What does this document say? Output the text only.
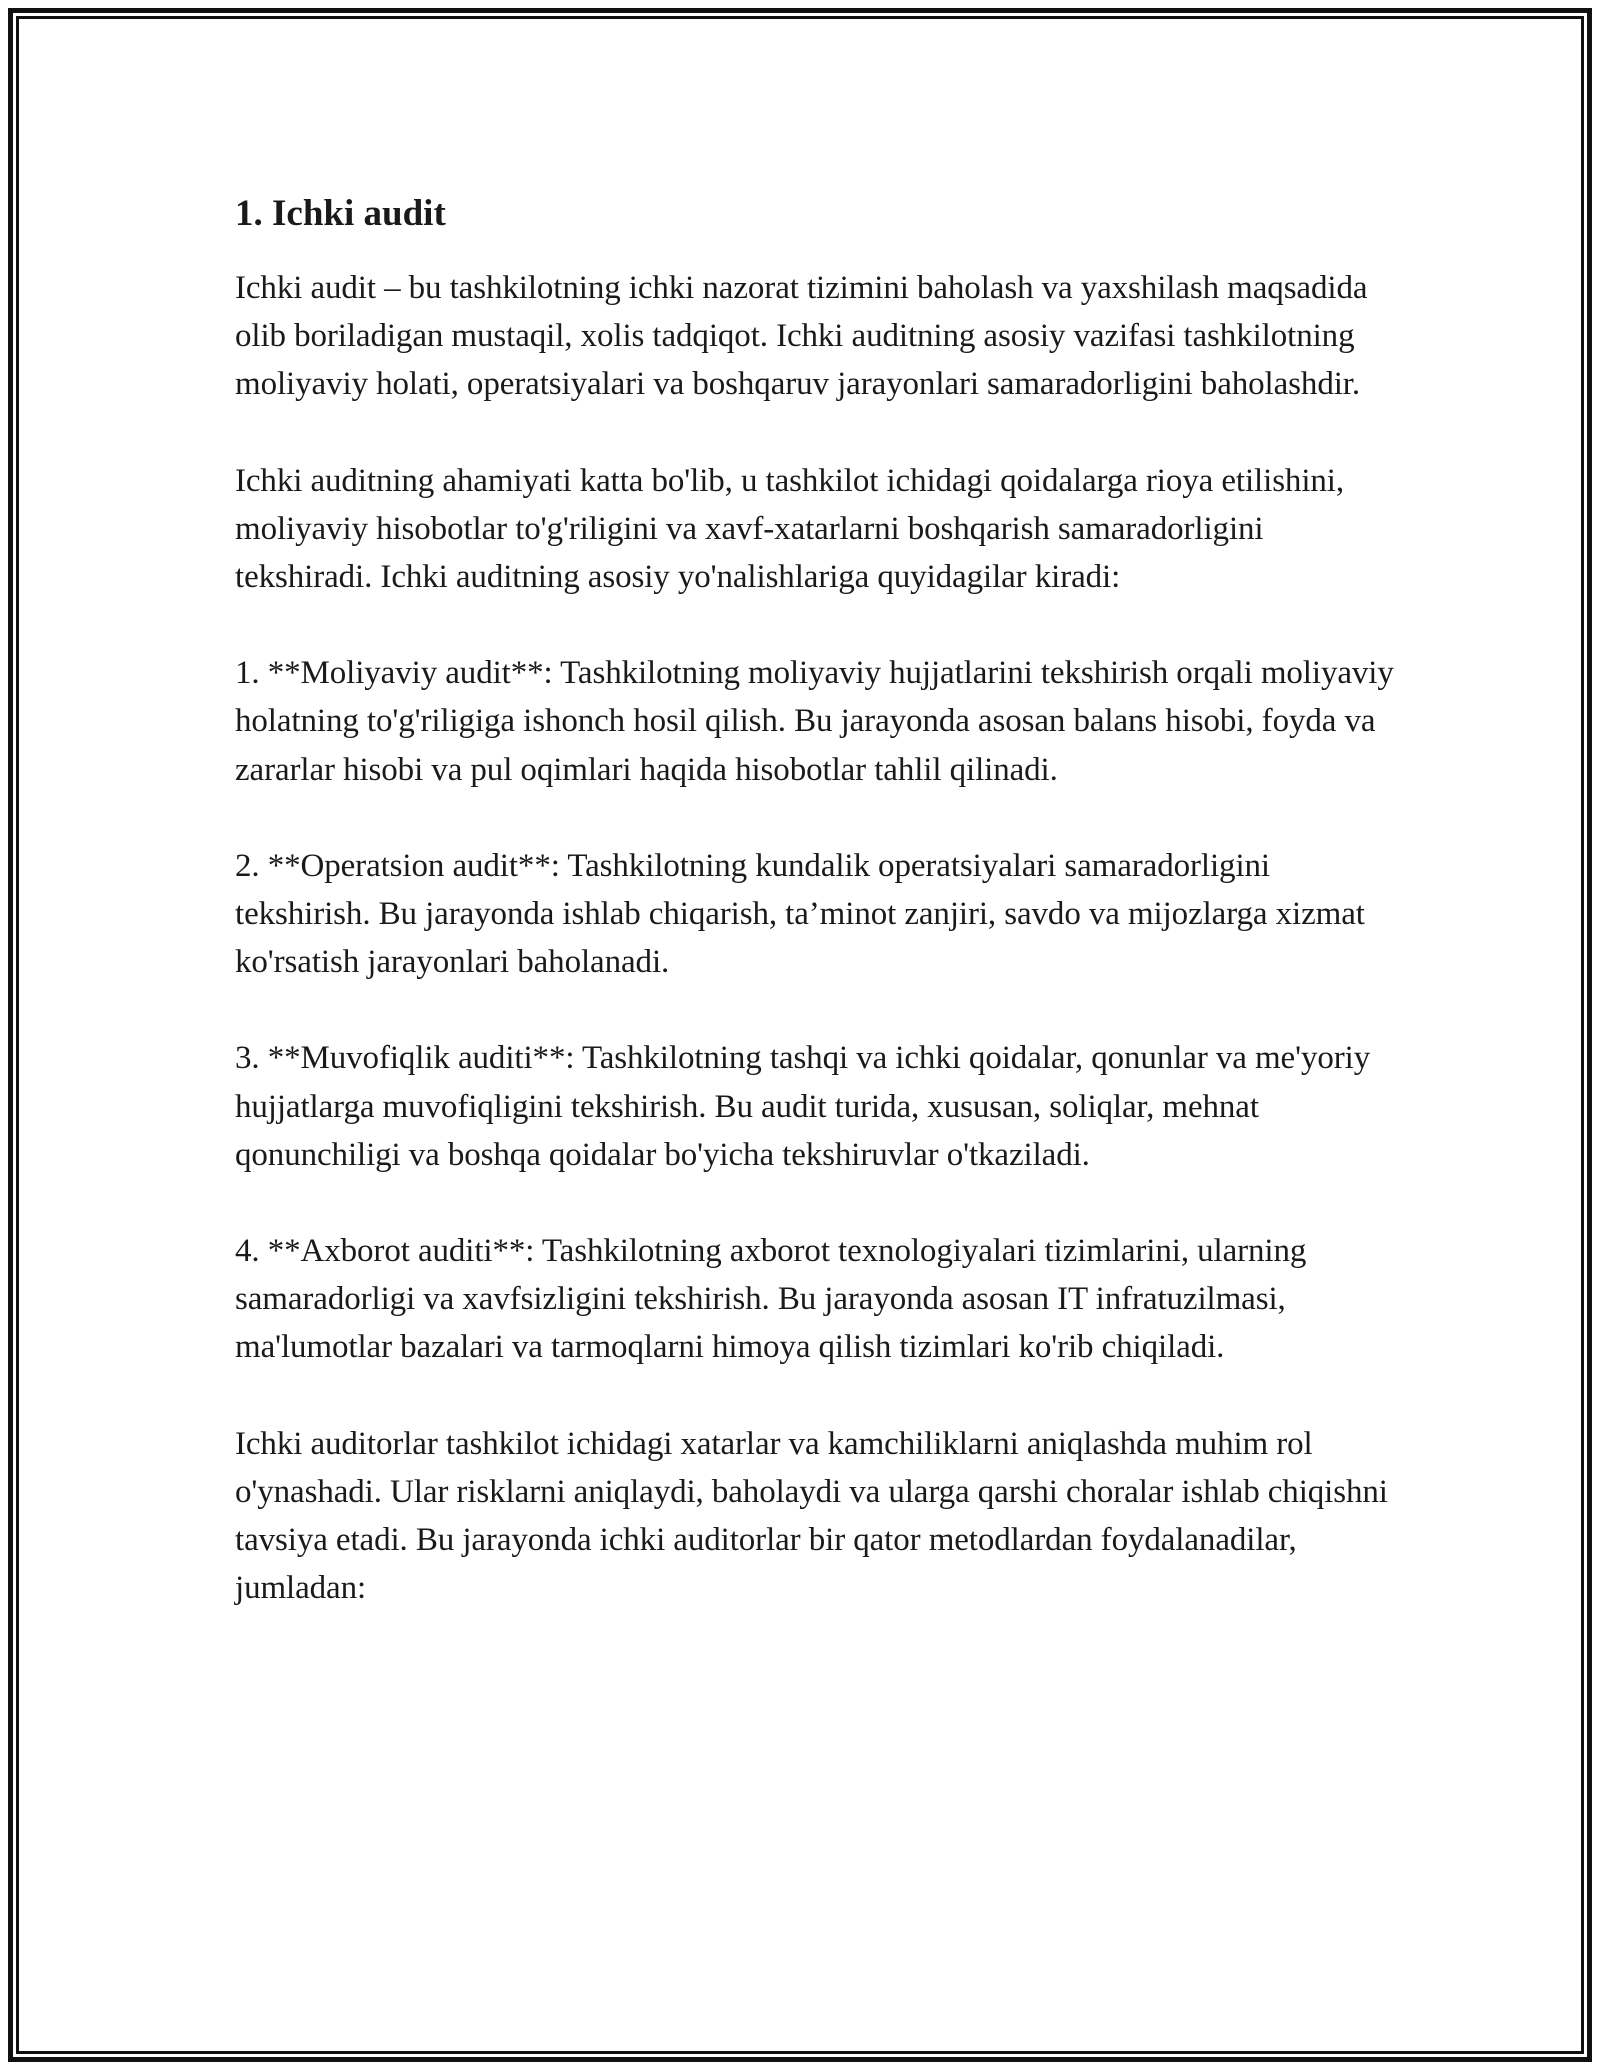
1. Ichki audit

Ichki audit – bu tashkilotning ichki nazorat tizimini baholash va yaxshilash maqsadida olib boriladigan mustaqil, xolis tadqiqot. Ichki auditning asosiy vazifasi tashkilotning moliyaviy holati, operatsiyalari va boshqaruv jarayonlari samaradorligini baholashdir.

Ichki auditning ahamiyati katta bo'lib, u tashkilot ichidagi qoidalarga rioya etilishini, moliyaviy hisobotlar to'g'riligini va xavf-xatarlarni boshqarish samaradorligini tekshiradi. Ichki auditning asosiy yo'nalishlariga quyidagilar kiradi:

1. **Moliyaviy audit**: Tashkilotning moliyaviy hujjatlarini tekshirish orqali moliyaviy holatning to'g'riligiga ishonch hosil qilish. Bu jarayonda asosan balans hisobi, foyda va zararlar hisobi va pul oqimlari haqida hisobotlar tahlil qilinadi.

2. **Operatsion audit**: Tashkilotning kundalik operatsiyalari samaradorligini tekshirish. Bu jarayonda ishlab chiqarish, ta’minot zanjiri, savdo va mijozlarga xizmat ko'rsatish jarayonlari baholanadi.

3. **Muvofiqlik auditi**: Tashkilotning tashqi va ichki qoidalar, qonunlar va me'yoriy hujjatlarga muvofiqligini tekshirish. Bu audit turida, xususan, soliqlar, mehnat qonunchiligi va boshqa qoidalar bo'yicha tekshiruvlar o'tkaziladi.

4. **Axborot auditi**: Tashkilotning axborot texnologiyalari tizimlarini, ularning samaradorligi va xavfsizligini tekshirish. Bu jarayonda asosan IT infratuzilmasi, ma'lumotlar bazalari va tarmoqlarni himoya qilish tizimlari ko'rib chiqiladi.

Ichki auditorlar tashkilot ichidagi xatarlar va kamchiliklarni aniqlashda muhim rol o'ynashadi. Ular risklarni aniqlaydi, baholaydi va ularga qarshi choralar ishlab chiqishni tavsiya etadi. Bu jarayonda ichki auditorlar bir qator metodlardan foydalanadilar, jumladan:
